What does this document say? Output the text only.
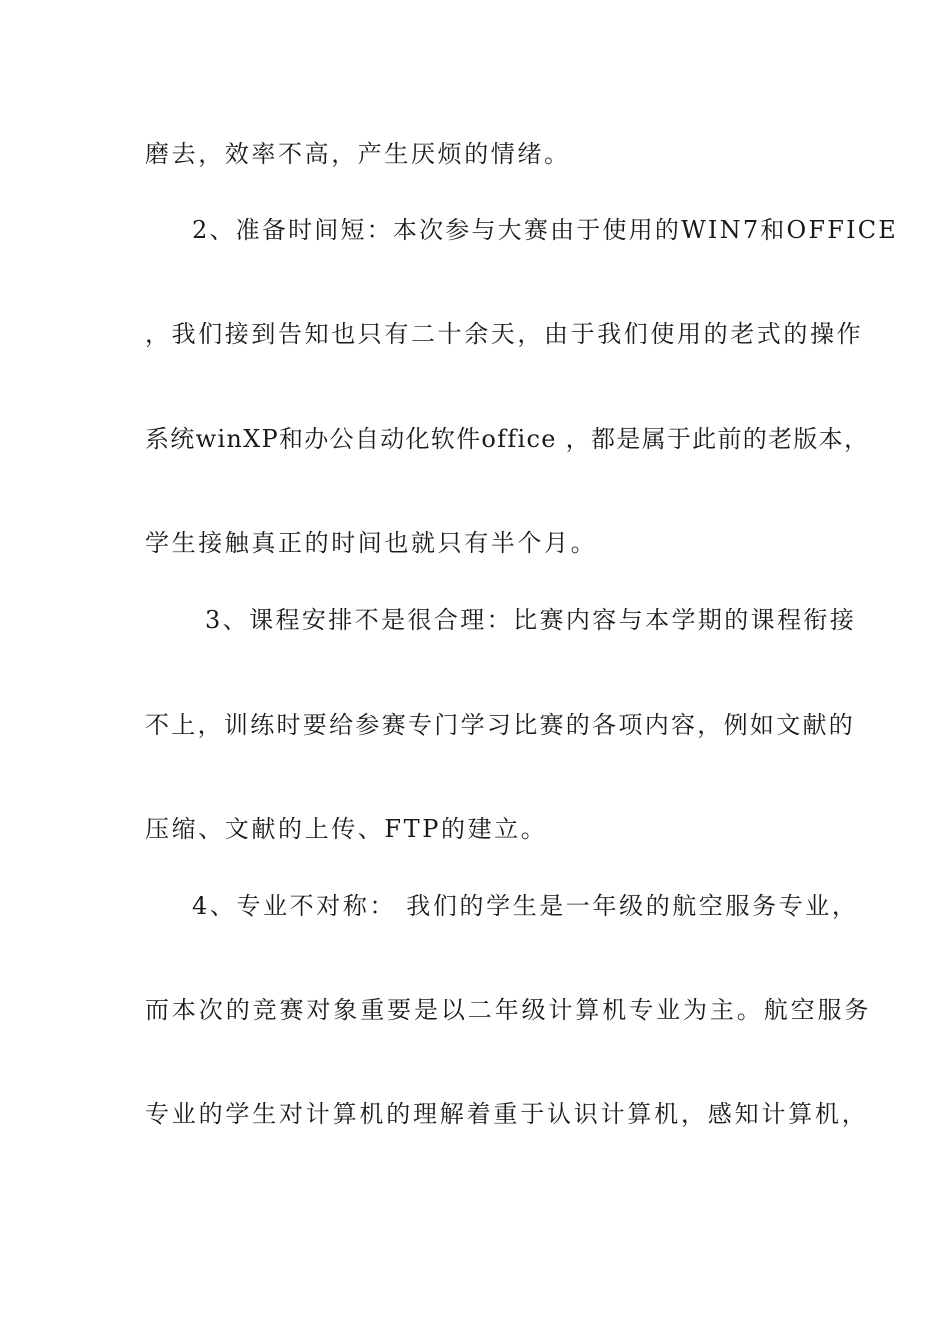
磨去，效率不高，产生厌烦的情绪。

2、准备时间短：本次参与大赛由于使用的WIN7和OFFICE

，我们接到告知也只有二十余天，由于我们使用的老式的操作

系统winXP和办公自动化软件office ，都是属于此前的老版本，

学生接触真正的时间也就只有半个月。

3、课程安排不是很合理：比赛内容与本学期的课程衔接

不上，训练时要给参赛专门学习比赛的各项内容，例如文献的

压缩、文献的上传、FTP的建立。

4、专业不对称： 我们的学生是一年级的航空服务专业，

而本次的竞赛对象重要是以二年级计算机专业为主。航空服务

专业的学生对计算机的理解着重于认识计算机，感知计算机，
